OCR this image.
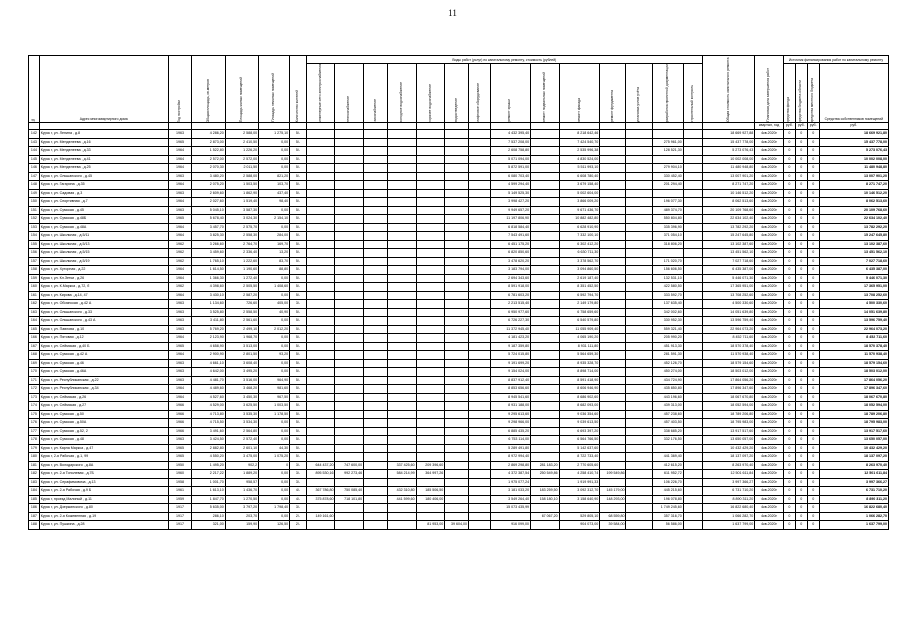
11
№	Адрес многоквартирного дома	Год постройки	Общая площадь, кв.метров	Площадь жилых помещений	Площадь нежилых помещений	Количество жителей	Виды работ (услуг) по капитальному ремонту, стоимость (рублей)														Общая стоимость капитального ремонта	Плановая дата завершения работ	Источник финансирования работ по капитальному ремонту			

							инженерные сети электроснабжения	теплоснабжение	газоснабжение	холодное водоснабжение	горячее водоснабжение	водоотведение	лифтовое оборудование	ремонт крыши	ремонт подвальных помещений	ремонт фасада	ремонт фундамента	установка узлов учёта	разработка проектной документации	строительный контроль			средства фонда	средства бюджета области	средства местного бюджета	Средства собственников помещений

																						квартал, год	руб.	руб.	руб.	руб.
142	Курск г, ул. Ленина , д.8	1963	4 286,20	2 588,00	1 275,10	5/-								4 432 395,40		8 218 642,46					18 669 927,88	4кв.2020г	0	0	0	18 669 921,80
143	Курск г, ул. Менделеева , д.16	1965	2 873,00	2 410,50	0,00	5/-								7 537 208,00		7 424 540,70			275 961,00		15 437 778,00	4кв.2020г	0	0	0	15 437 778,00
144	Курск г, ул. Менделеева , д.33	1964	1 522,80	1 226,20	0,00	5/-								2 608 758,80		2 535 996,38			128 521,30		5 273 076,43	4кв.2020г	0	0	0	5 273 076,43
145	Курск г, ул. Менделеева , д.41	1964	2 572,00	2 572,00	0,00	5/-								5 071 094,00		4 830 524,00					10 002 008,00	4кв.2020г	0	0	0	10 002 008,00
146	Курск г, ул. Менделеева , д.25	1964	2 070,30	2 011,50	0,00	5/-								5 872 591,00		5 511 993,10			279 904,10		11 480 948,80	4кв.2020г	0	0	0	11 480 948,80
147	Курск г, ул. Ольшанского , д.45	1963	3 480,20	2 588,00	821,20	5/-								6 080 703,40		6 608 780,40			330 452,40		13 007 901,20	4кв.2020г	0	0	0	13 007 901,20
148	Курск г, ул. Гагарина , д.35	1964	2 075,20	1 503,50	103,70	5/-								4 599 294,40		3 679 158,40			201 294,40		8 271 747,20	4кв.2020г	0	0	0	8 271 747,20
149	Курск г, ул. Садовая , д.3	1963	2 609,60	1 862,90	437,40	5/-								5 149 525,30		5 002 604,00					10 146 512,20	4кв.2020г	0	0	0	10 146 512,20
150	Курск г, ул. Спортивная , д.7	1964	2 027,60	1 519,40	98,40	5/-								3 998 427,20		3 866 009,20			196 077,30		8 062 513,60	4кв.2020г	0	0	0	8 062 513,60
151	Курск г, ул. Сумская , д.45	1963	5 045,10	3 587,30	0,00	5/-								9 949 657,20		9 671 436,70			489 374,70		20 109 768,60	4кв.2020г	0	0	0	20 109 768,60
152	Курск г, ул. Сумская , д.48Б	1965	5 678,40	3 024,30	2 154,10	5/-								11 197 806,90		10 882 482,80			550 804,80		22 634 102,40	4кв.2020г	0	0	0	22 634 102,40
153	Курск г, ул. Сумская , д.48А	1964	3 457,70	2 575,70	0,00	5/-								6 818 584,40		6 628 910,90			335 396,90		13 782 292,20	4кв.2020г	0	0	0	13 782 292,20
154	Курск г, ул. Школьная , д.5/11	1964	3 825,30	2 558,30	284,00	5/-								7 543 491,60		7 332 100,10			371 054,10		15 247 645,80	4кв.2020г	0	0	0	15 247 645,80
155	Курск г, ул. Школьная , д.5/13	1962	3 266,60	2 764,70	169,70	5/-								6 451 175,20		6 302 412,20			318 806,20		13 102 387,60	4кв.2020г	0	0	0	13 102 387,60
156	Курск г, ул. Школьная , д.5/15	1962	3 459,60	2 336,40	13,20	5/-								6 820 850,60		6 630 711,30					13 451 562,10	4кв.2020г	0	0	0	13 451 562,10
157	Курск г, ул. Школьная , д.5/19	1962	1 765,10	1 222,60	83,70	5/-								3 478 620,20		3 378 562,70			171 020,70		7 027 718,60	4кв.2020г	0	0	0	7 027 718,60
158	Курск г, ул. Хуторная , д.22	1964	1 614,50	1 190,60	88,80	5/-								3 183 794,00		3 094 860,50			156 606,50		6 435 387,00	4кв.2020г	0	0	0	6 435 387,00
159	Курск г, ул. Кл.Зетки , д.26	1964	1 366,30	1 272,40	0,00	5/-								2 694 343,60		2 619 187,40			132 531,10		5 446 071,30	4кв.2020г	0	0	0	5 446 071,30
160	Курск г, ул. К.Маркса , д.72, б	1962	4 398,60	2 505,50	1 408,60	5/-								8 591 918,00		8 351 452,50			422 580,50		17 365 951,00	4кв.2020г	0	0	0	17 365 951,00
161	Курск г, ул. Кирова , д.14, 47	1964	3 430,10	2 587,20	0,00	5/-								6 781 603,20		6 592 794,70			333 592,70		13 708 252,60	4кв.2020г	0	0	0	13 708 252,60
162	Курск г, ул. Обоянская , д.42 А	1963	1 134,60	726,60	405,00	3/-								2 213 515,40		2 149 179,80			137 635,40		4 500 330,60	4кв.2020г	0	0	0	4 500 330,60
163	Курск г, ул. Ольшанского , д.33	1963	3 525,80	2 558,50	40,90	5/-								6 950 977,60		6 758 659,60			342 002,60		14 051 639,80	4кв.2020г	0	0	0	14 051 639,80
164	Курск г, ул. Ольшанского , д.43 А	1963	3 411,80	2 561,60	0,00	5/-								6 726 227,30		6 540 579,80			330 952,30		13 596 759,40	4кв.2020г	0	0	0	13 596 759,40
165	Курск г, ул. Павлова , д.10	1963	5 769,20	2 499,10	2 012,20	5/-								11 372 945,40		11 055 909,40			559 321,40		22 964 073,20	4кв.2020г	0	0	0	22 964 073,20
166	Курск г, ул. Пятовая , д.12	1964	2 123,90	1 968,70	0,00	5/-								4 181 423,20		4 065 190,20			205 990,20		8 452 711,60	4кв.2020г	0	0	0	8 452 711,60
167	Курск г, ул. Сеймская , д.40 Б	1965	4 658,90	3 513,00	0,00	5/-								9 187 359,80		8 931 111,80			451 913,30		18 570 378,40	4кв.2020г	0	0	0	18 570 378,40
168	Курск г, ул. Сумская , д.42 А	1964	2 900,90	2 801,50	93,20	5/-								5 724 015,80		5 564 659,30			281 591,30		11 570 938,40	4кв.2020г	0	0	0	11 570 938,40
169	Курск г, ул. Сумская , д.46	1963	4 661,10	3 608,40	0,00	5/-								9 191 699,20		8 935 328,70			452 126,70		18 579 154,60	4кв.2020г	0	0	0	18 579 154,60
170	Курск г, ул. Сумская , д.46А	1963	4 642,00	3 495,20	0,00	5/-								9 154 024,00		8 898 714,00			450 274,00		18 503 012,00	4кв.2020г	0	0	0	18 503 012,00
171	Курск г, ул. Республиканская , д.22	1963	4 481,70	3 516,00	964,90	5/-								8 837 912,40		8 591 418,90			434 724,90		17 864 056,20	4кв.2020г	0	0	0	17 864 056,20
172	Курск г, ул. Республиканская , д.34	1964	4 489,60	3 468,20	981,60	5/-								8 853 656,60		8 606 946,90			435 850,80		17 896 347,60	4кв.2020г	0	0	0	17 896 347,60
173	Курск г, ул. Сеймская , д.26	1964	4 527,60	3 450,30	967,50	5/-								8 945 541,60		8 686 902,60			443 196,60		18 067 670,80	4кв.2020г	0	0	0	18 067 670,80
174	Курск г, ул. Сеймская , д.27	1966	4 529,00	3 625,50	1 003,50	5/-								8 931 188,00		8 682 093,00			439 313,00		18 052 594,00	4кв.2020г	0	0	0	18 052 594,00
175	Курск г, ул. Сумская , д.50	1966	4 713,80	3 535,30	1 178,50	5/-								9 295 613,60		9 036 354,60			457 238,60		18 789 206,80	4кв.2020г	0	0	0	18 789 206,80
176	Курск г, ул. Сумская , д.50А	1966	4 715,50	3 534,30	0,00	5/-								9 298 966,00		9 039 613,50			457 403,50		18 795 983,00	4кв.2020г	0	0	0	18 795 983,00
177	Курск г, ул. Сумская , д.52, 2	1966	3 491,60	2 564,80	0,00	5/-								6 885 435,20		6 693 397,20			338 685,20		13 917 517,60	4кв.2020г	0	0	0	13 917 517,60
178	Курск г, ул. Сумская , д.48	1963	3 424,50	2 572,40	0,00	5/-								6 753 114,00		6 564 766,50			332 176,50		13 650 057,00	4кв.2020г	0	0	0	13 650 057,00
179	Курск г, ул. Карла Маркса , д.47	1965	2 882,80	2 601,10	44,30	5/-								5 289 491,80		5 142 637,60					10 432 429,20	4кв.2020г	0	0	0	10 432 429,20
180	Курск г, 2-я Рабочая , д.1, 99	1965	4 550,20	3 475,00	1 075,20	5/-								8 972 994,40		8 722 733,40			441 369,40		18 137 097,20	4кв.2020г	0	0	0	18 137 097,20
181	Курск г, ул. Володарского , д.8А	1950	1 495,20	902,2	0	3/-	644 437,20	747 600,00		337 425,60	209 396,60			2 869 298,80	281 183,20	2 770 605,60			412 615,20		8 263 970,40	4кв.2020г	0	0	0	8 263 970,40
182	Курск г, ул. 2-я Тополевая , д.7Б	1960	2 217,22	1 889,20	0,00	3/-	895 530,16	992 273,46		584 214,99	364 997,26			4 372 387,54	250 549,86	4 258 410,74	199 549,86		611 952,72		12 501 611,84	4кв.2020г	0	0	0	12 501 611,84
183	Курск г, ул. Серафимовича , д.13	1958	1 001,70	958,57	0,00	3/-								1 975 077,24		1 919 991,33			106 226,70		3 997 366,27	4кв.2020г	0	0	0	3 997 366,27
184	Курск г, ул. 2-я Рабочая , д.9 Б	1961	1 613,10	1 436,70	0,00	4/-	367 786,80	750 085,40		432 310,80	185 506,50			3 181 033,20	183 259,50	3 092 312,70	145 179,00		445 215,60		6 731 710,20	4кв.2020г	0	0	0	6 731 710,20
185	Курск г, проезд Малиный , д.11	1959	1 847,70	1 270,50	0,00	4/-	375 878,60	718 101,80		441 599,60	180 406,00			3 549 264,40	158 180,10	3 158 640,90	148 293,00		196 078,80		8 890 311,20	4кв.2020г	0	0	0	8 890 311,20
186	Курск г, ул. Дзержинского , д.80	1917	5 635,00	3 797,20	1 798,40	3/-								15 073 435,99					1 749 245,60		16 822 680,40	4кв.2020г	0	0	0	16 822 680,40
187	Курск г, ул. 2-я Кожевенная , д.19	1917	286,10	203,70	0,00	2/-	149 161,60								67 067,20	529 805,10	68 559,80		357 316,70		1 066 282,70	4кв.2020г	0	0	0	1 066 282,70
188	Курск г, ул. Пушкина , д.28	1917	321,00	159,90	126,50	2/-					81 953,00	39 604,00		916 099,00		904 073,00	39 584,00		56 586,00		1 637 799,00	4кв.2020г	0	0	0	1 637 799,00
